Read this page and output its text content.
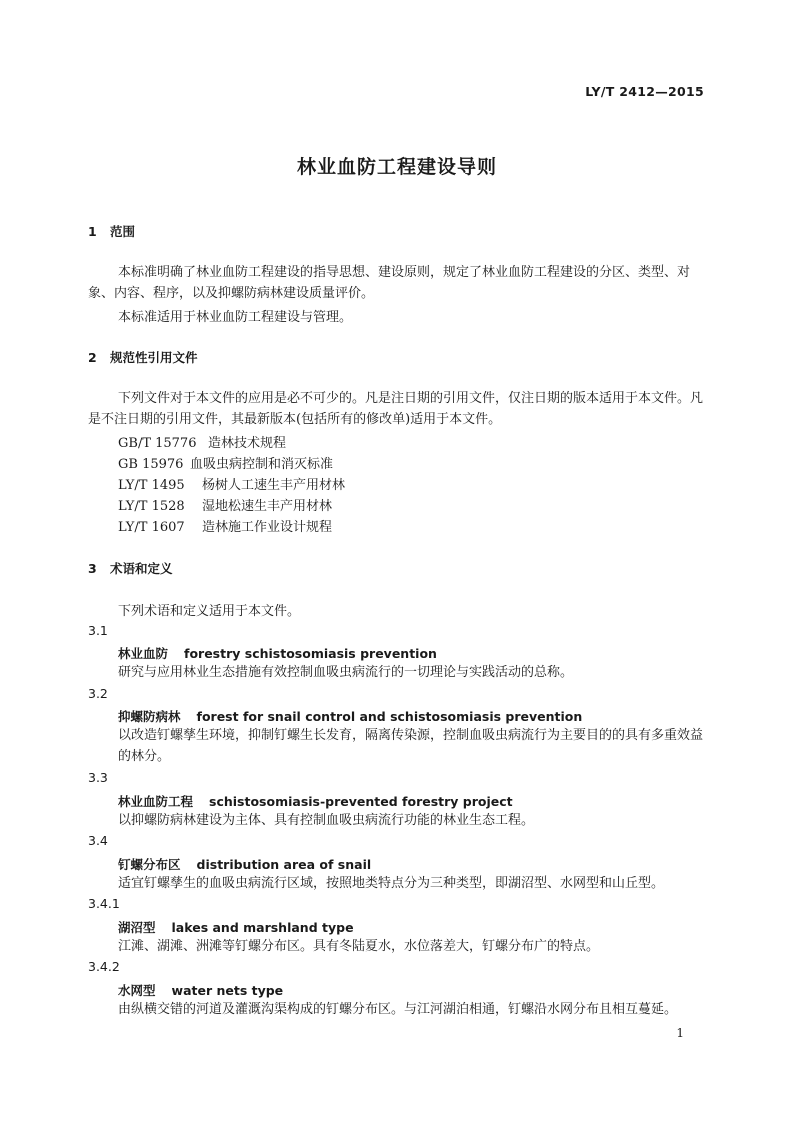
LY/T 2412—2015
林业血防工程建设导则
1 范围
本标准明确了林业血防工程建设的指导思想、建设原则，规定了林业血防工程建设的分区、类型、对象、内容、程序，以及抑螺防病林建设质量评价。
本标准适用于林业血防工程建设与管理。
2 规范性引用文件
下列文件对于本文件的应用是必不可少的。凡是注日期的引用文件，仅注日期的版本适用于本文件。凡是不注日期的引用文件，其最新版本(包括所有的修改单)适用于本文件。
GB/T 15776 造林技术规程
GB 15976 血吸虫病控制和消灭标准
LY/T 1495 杨树人工速生丰产用材林
LY/T 1528 湿地松速生丰产用材林
LY/T 1607 造林施工作业设计规程
3 术语和定义
下列术语和定义适用于本文件。
3.1
林业血防 forestry schistosomiasis prevention
研究与应用林业生态措施有效控制血吸虫病流行的一切理论与实践活动的总称。
3.2
抑螺防病林 forest for snail control and schistosomiasis prevention
以改造钉螺孳生环境，抑制钉螺生长发育，隔离传染源，控制血吸虫病流行为主要目的的具有多重效益的林分。
3.3
林业血防工程 schistosomiasis-prevented forestry project
以抑螺防病林建设为主体、具有控制血吸虫病流行功能的林业生态工程。
3.4
钉螺分布区 distribution area of snail
适宜钉螺孳生的血吸虫病流行区域，按照地类特点分为三种类型，即湖沼型、水网型和山丘型。
3.4.1
湖沼型 lakes and marshland type
江滩、湖滩、洲滩等钉螺分布区。具有冬陆夏水，水位落差大，钉螺分布广的特点。
3.4.2
水网型 water nets type
由纵横交错的河道及灌溉沟渠构成的钉螺分布区。与江河湖泊相通，钉螺沿水网分布且相互蔓延。
1
